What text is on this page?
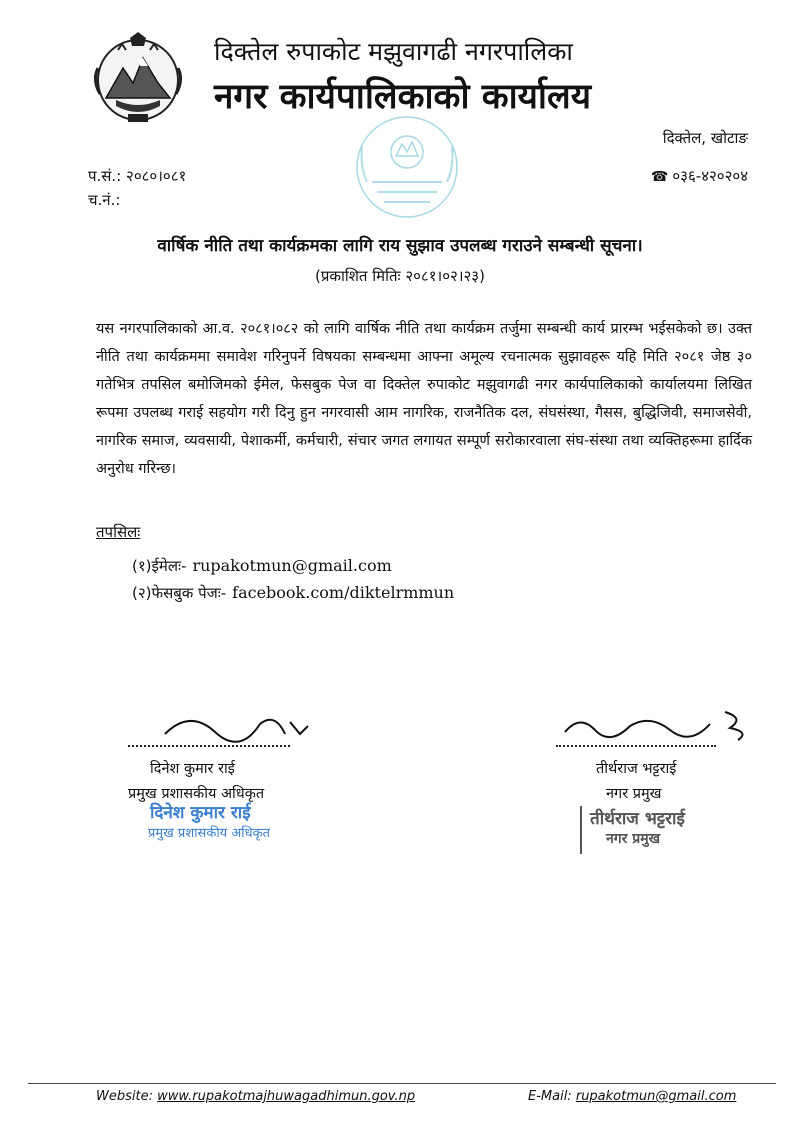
दिक्तेल रुपाकोट मझुवागढी नगरपालिका
नगर कार्यपालिकाको कार्यालय
दिक्तेल, खोटाङ
प.सं.: २०८०।०८१
च.नं.:
☎ ०३६-४२०२०४
वार्षिक नीति तथा कार्यक्रमका लागि राय सुझाव उपलब्ध गराउने सम्बन्धी सूचना।
(प्रकाशित मितिः २०८१।०२।२३)
यस नगरपालिकाको आ.व. २०८१।०८२ को लागि वार्षिक नीति तथा कार्यक्रम तर्जुमा सम्बन्धी कार्य प्रारम्भ भईसकेको छ। उक्त नीति तथा कार्यक्रममा समावेश गरिनुपर्ने विषयका सम्बन्धमा आफ्ना अमूल्य रचनात्मक सुझावहरू यहि मिति २०८१ जेष्ठ ३० गतेभित्र तपसिल बमोजिमको ईमेल, फेसबुक पेज वा दिक्तेल रुपाकोट मझुवागढी नगर कार्यपालिकाको कार्यालयमा लिखित रूपमा उपलब्ध गराई सहयोग गरी दिनु हुन नगरवासी आम नागरिक, राजनैतिक दल, संघसंस्था, गैसस, बुद्धिजिवी, समाजसेवी, नागरिक समाज, व्यवसायी, पेशाकर्मी, कर्मचारी, संचार जगत लगायत सम्पूर्ण सरोकारवाला संघ-संस्था तथा व्यक्तिहरूमा हार्दिक अनुरोध गरिन्छ।
तपसिलः
(१)ईमेलः- rupakotmun@gmail.com
(२)फेसबुक पेजः- facebook.com/diktelrmmun
दिनेश कुमार राई
प्रमुख प्रशासकीय अधिकृत
दिनेश कुमार राई
प्रमुख प्रशासकीय अधिकृत
तीर्थराज भट्टराई
नगर प्रमुख
तीर्थराज भट्टराई
नगर प्रमुख
Website: www.rupakotmajhuwagadhimun.gov.np	E-Mail: rupakotmun@gmail.com
